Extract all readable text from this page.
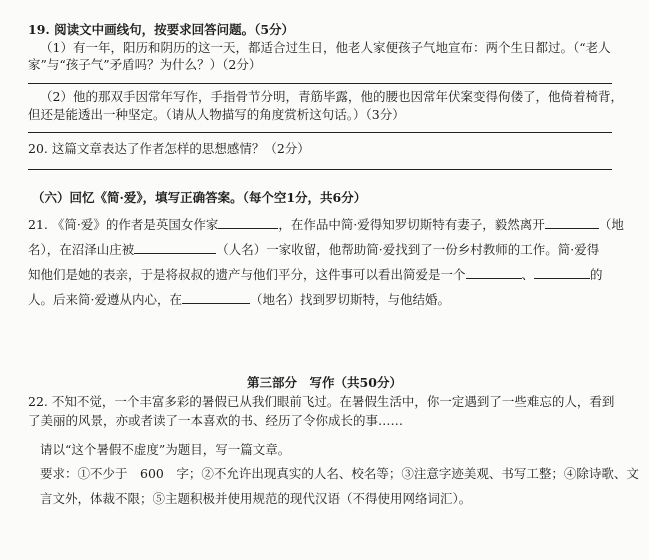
19. 阅读文中画线句，按要求回答问题。（5分）
（1）有一年，阳历和阴历的这一天，都适合过生日，他老人家便孩子气地宣布：两个生日都过。（“老人
家”与“孩子气”矛盾吗？为什么？）（2分）
（2）他的那双手因常年写作，手指骨节分明，青筋毕露，他的腰也因常年伏案变得佝偻了，他倚着椅背，
但还是能透出一种坚定。（请从人物描写的角度赏析这句话。）（3分）
20. 这篇文章表达了作者怎样的思想感情？（2分）
（六）回忆《简·爱》，填写正确答案。（每个空1分，共6分）
21. 《简·爱》的作者是英国女作家	，在作品中简·爱得知罗切斯特有妻子，毅然离开	（地
名），在沼泽山庄被	（人名）一家收留，他帮助简·爱找到了一份乡村教师的工作。简·爱得
知他们是她的表亲，于是将叔叔的遗产与他们平分，这件事可以看出简爱是一个	、	的
人。后来简·爱遵从内心，在	（地名）找到罗切斯特，与他结婚。
第三部分　写作（共50分）
22. 不知不觉，一个丰富多彩的暑假已从我们眼前飞过。在暑假生活中，你一定遇到了一些难忘的人，看到
了美丽的风景，亦或者读了一本喜欢的书、经历了令你成长的事……
请以“这个暑假不虚度”为题目，写一篇文章。
要求：①不少于　600　字；②不允许出现真实的人名、校名等；③注意字迹美观、书写工整；④除诗歌、文
言文外，体裁不限；⑤主题积极并使用规范的现代汉语（不得使用网络词汇）。
